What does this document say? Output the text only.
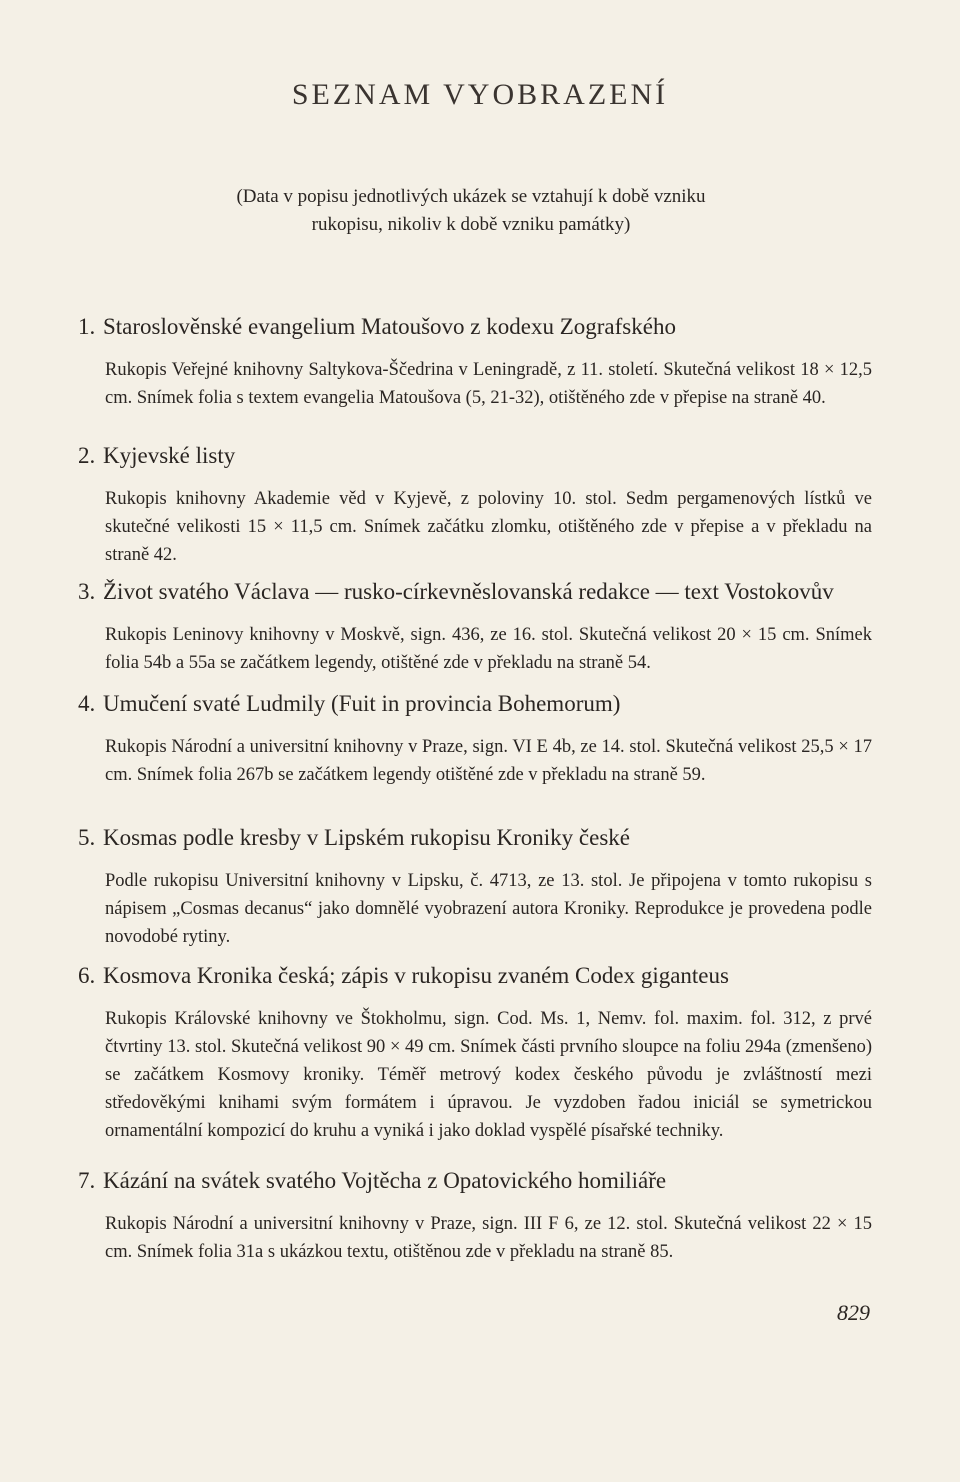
SEZNAM VYOBRAZENÍ
(Data v popisu jednotlivých ukázek se vztahují k době vzniku
rukopisu, nikoliv k době vzniku památky)
1. Staroslověnské evangelium Matoušovo z kodexu Zografského
Rukopis Veřejné knihovny Saltykova-Ščedrina v Leningradě, z 11. století. Skutečná velikost 18 × 12,5 cm. Snímek folia s textem evangelia Matoušova (5, 21-32), otištěného zde v přepise na straně 40.
2. Kyjevské listy
Rukopis knihovny Akademie věd v Kyjevě, z poloviny 10. stol. Sedm pergamenových lístků ve skutečné velikosti 15 × 11,5 cm. Snímek začátku zlomku, otištěného zde v přepise a v překladu na straně 42.
3. Život svatého Václava — rusko-církevněslovanská redakce — text Vostokovův
Rukopis Leninovy knihovny v Moskvě, sign. 436, ze 16. stol. Skutečná velikost 20 × 15 cm. Snímek folia 54b a 55a se začátkem legendy, otištěné zde v překladu na straně 54.
4. Umučení svaté Ludmily (Fuit in provincia Bohemorum)
Rukopis Národní a universitní knihovny v Praze, sign. VI E 4b, ze 14. stol. Skutečná velikost 25,5 × 17 cm. Snímek folia 267b se začátkem legendy otištěné zde v překladu na straně 59.
5. Kosmas podle kresby v Lipském rukopisu Kroniky české
Podle rukopisu Universitní knihovny v Lipsku, č. 4713, ze 13. stol. Je připojena v tomto rukopisu s nápisem „Cosmas decanus“ jako domnělé vyobrazení autora Kroniky. Reprodukce je provedena podle novodobé rytiny.
6. Kosmova Kronika česká; zápis v rukopisu zvaném Codex giganteus
Rukopis Královské knihovny ve Štokholmu, sign. Cod. Ms. 1, Nemv. fol. maxim. fol. 312, z prvé čtvrtiny 13. stol. Skutečná velikost 90 × 49 cm. Snímek části prvního sloupce na foliu 294a (zmenšeno) se začátkem Kosmovy kroniky. Téměř metrový kodex českého původu je zvláštností mezi středověkými knihami svým formátem i úpravou. Je vyzdoben řadou iniciál se symetrickou ornamentální kompozicí do kruhu a vyniká i jako doklad vyspělé písařské techniky.
7. Kázání na svátek svatého Vojtěcha z Opatovického homiliáře
Rukopis Národní a universitní knihovny v Praze, sign. III F 6, ze 12. stol. Skutečná velikost 22 × 15 cm. Snímek folia 31a s ukázkou textu, otištěnou zde v překladu na straně 85.
829
